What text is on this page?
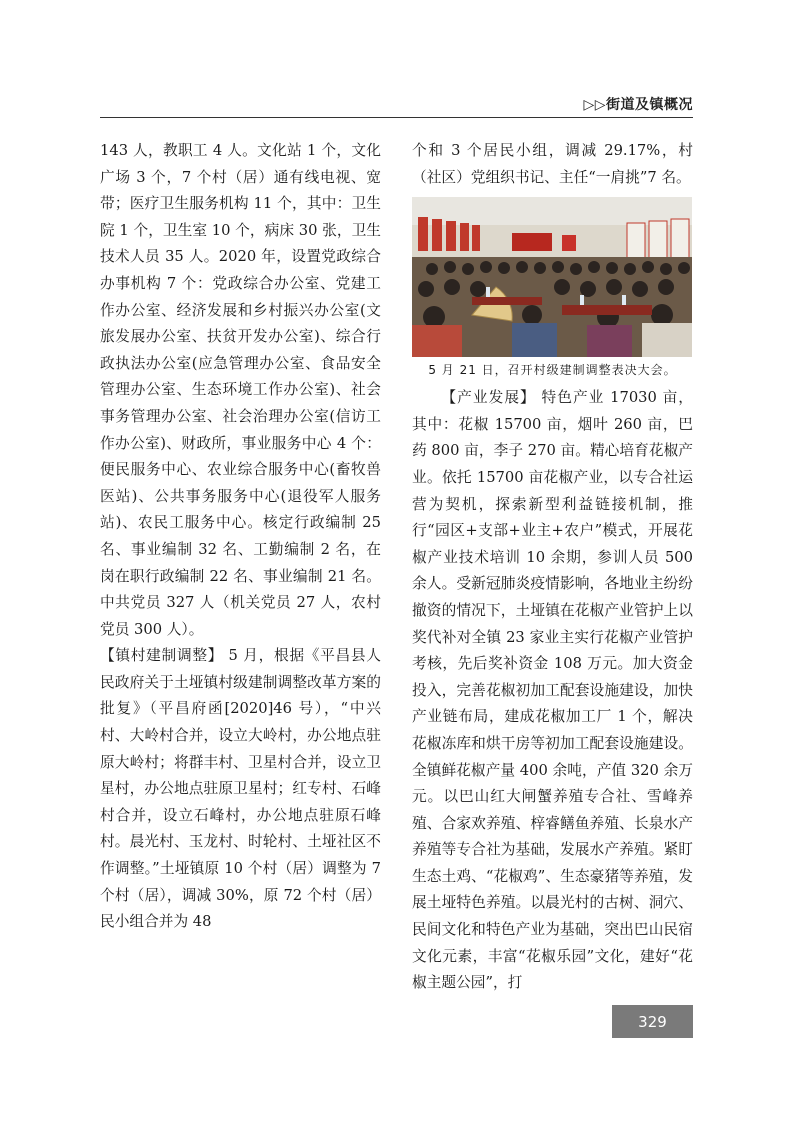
▷▷街道及镇概况

143 人，教职工 4 人。文化站 1 个，文化广场 3 个，7 个村（居）通有线电视、宽带；医疗卫生服务机构 11 个，其中：卫生院 1 个，卫生室 10 个，病床 30 张，卫生技术人员 35 人。2020 年，设置党政综合办事机构 7 个：党政综合办公室、党建工作办公室、经济发展和乡村振兴办公室(文旅发展办公室、扶贫开发办公室)、综合行政执法办公室(应急管理办公室、食品安全管理办公室、生态环境工作办公室)、社会事务管理办公室、社会治理办公室(信访工作办公室)、财政所，事业服务中心 4 个：便民服务中心、农业综合服务中心(畜牧兽医站)、公共事务服务中心(退役军人服务站)、农民工服务中心。核定行政编制 25 名、事业编制 32 名、工勤编制 2 名，在岗在职行政编制 22 名、事业编制 21 名。中共党员 327 人（机关党员 27 人，农村党员 300 人）。

【镇村建制调整】 5 月，根据《平昌县人民政府关于土垭镇村级建制调整改革方案的批复》（平昌府函[2020]46 号），“中兴村、大岭村合并，设立大岭村，办公地点驻原大岭村；将群丰村、卫星村合并，设立卫星村，办公地点驻原卫星村；红专村、石峰村合并，设立石峰村，办公地点驻原石峰村。晨光村、玉龙村、时轮村、土垭社区不作调整。”土垭镇原 10 个村（居）调整为 7 个村（居），调减 30%，原 72 个村（居）民小组合并为 48

个和 3 个居民小组，调减 29.17%，村（社区）党组织书记、主任“一肩挑”7 名。

5 月 21 日，召开村级建制调整表决大会。

【产业发展】 特色产业 17030 亩，其中：花椒 15700 亩，烟叶 260 亩，巴药 800 亩，李子 270 亩。精心培育花椒产业。依托 15700 亩花椒产业，以专合社运营为契机，探索新型利益链接机制，推行“园区+支部+业主+农户”模式，开展花椒产业技术培训 10 余期，参训人员 500 余人。受新冠肺炎疫情影响，各地业主纷纷撤资的情况下，土垭镇在花椒产业管护上以奖代补对全镇 23 家业主实行花椒产业管护考核，先后奖补资金 108 万元。加大资金投入，完善花椒初加工配套设施建设，加快产业链布局，建成花椒加工厂 1 个，解决花椒冻库和烘干房等初加工配套设施建设。全镇鲜花椒产量 400 余吨，产值 320 余万元。以巴山红大闸蟹养殖专合社、雪峰养殖、合家欢养殖、梓睿鳝鱼养殖、长泉水产养殖等专合社为基础，发展水产养殖。紧盯生态土鸡、“花椒鸡”、生态豪猪等养殖，发展土垭特色养殖。以晨光村的古树、洞穴、民间文化和特色产业为基础，突出巴山民宿文化元素，丰富“花椒乐园”文化，建好“花椒主题公园”，打

329
